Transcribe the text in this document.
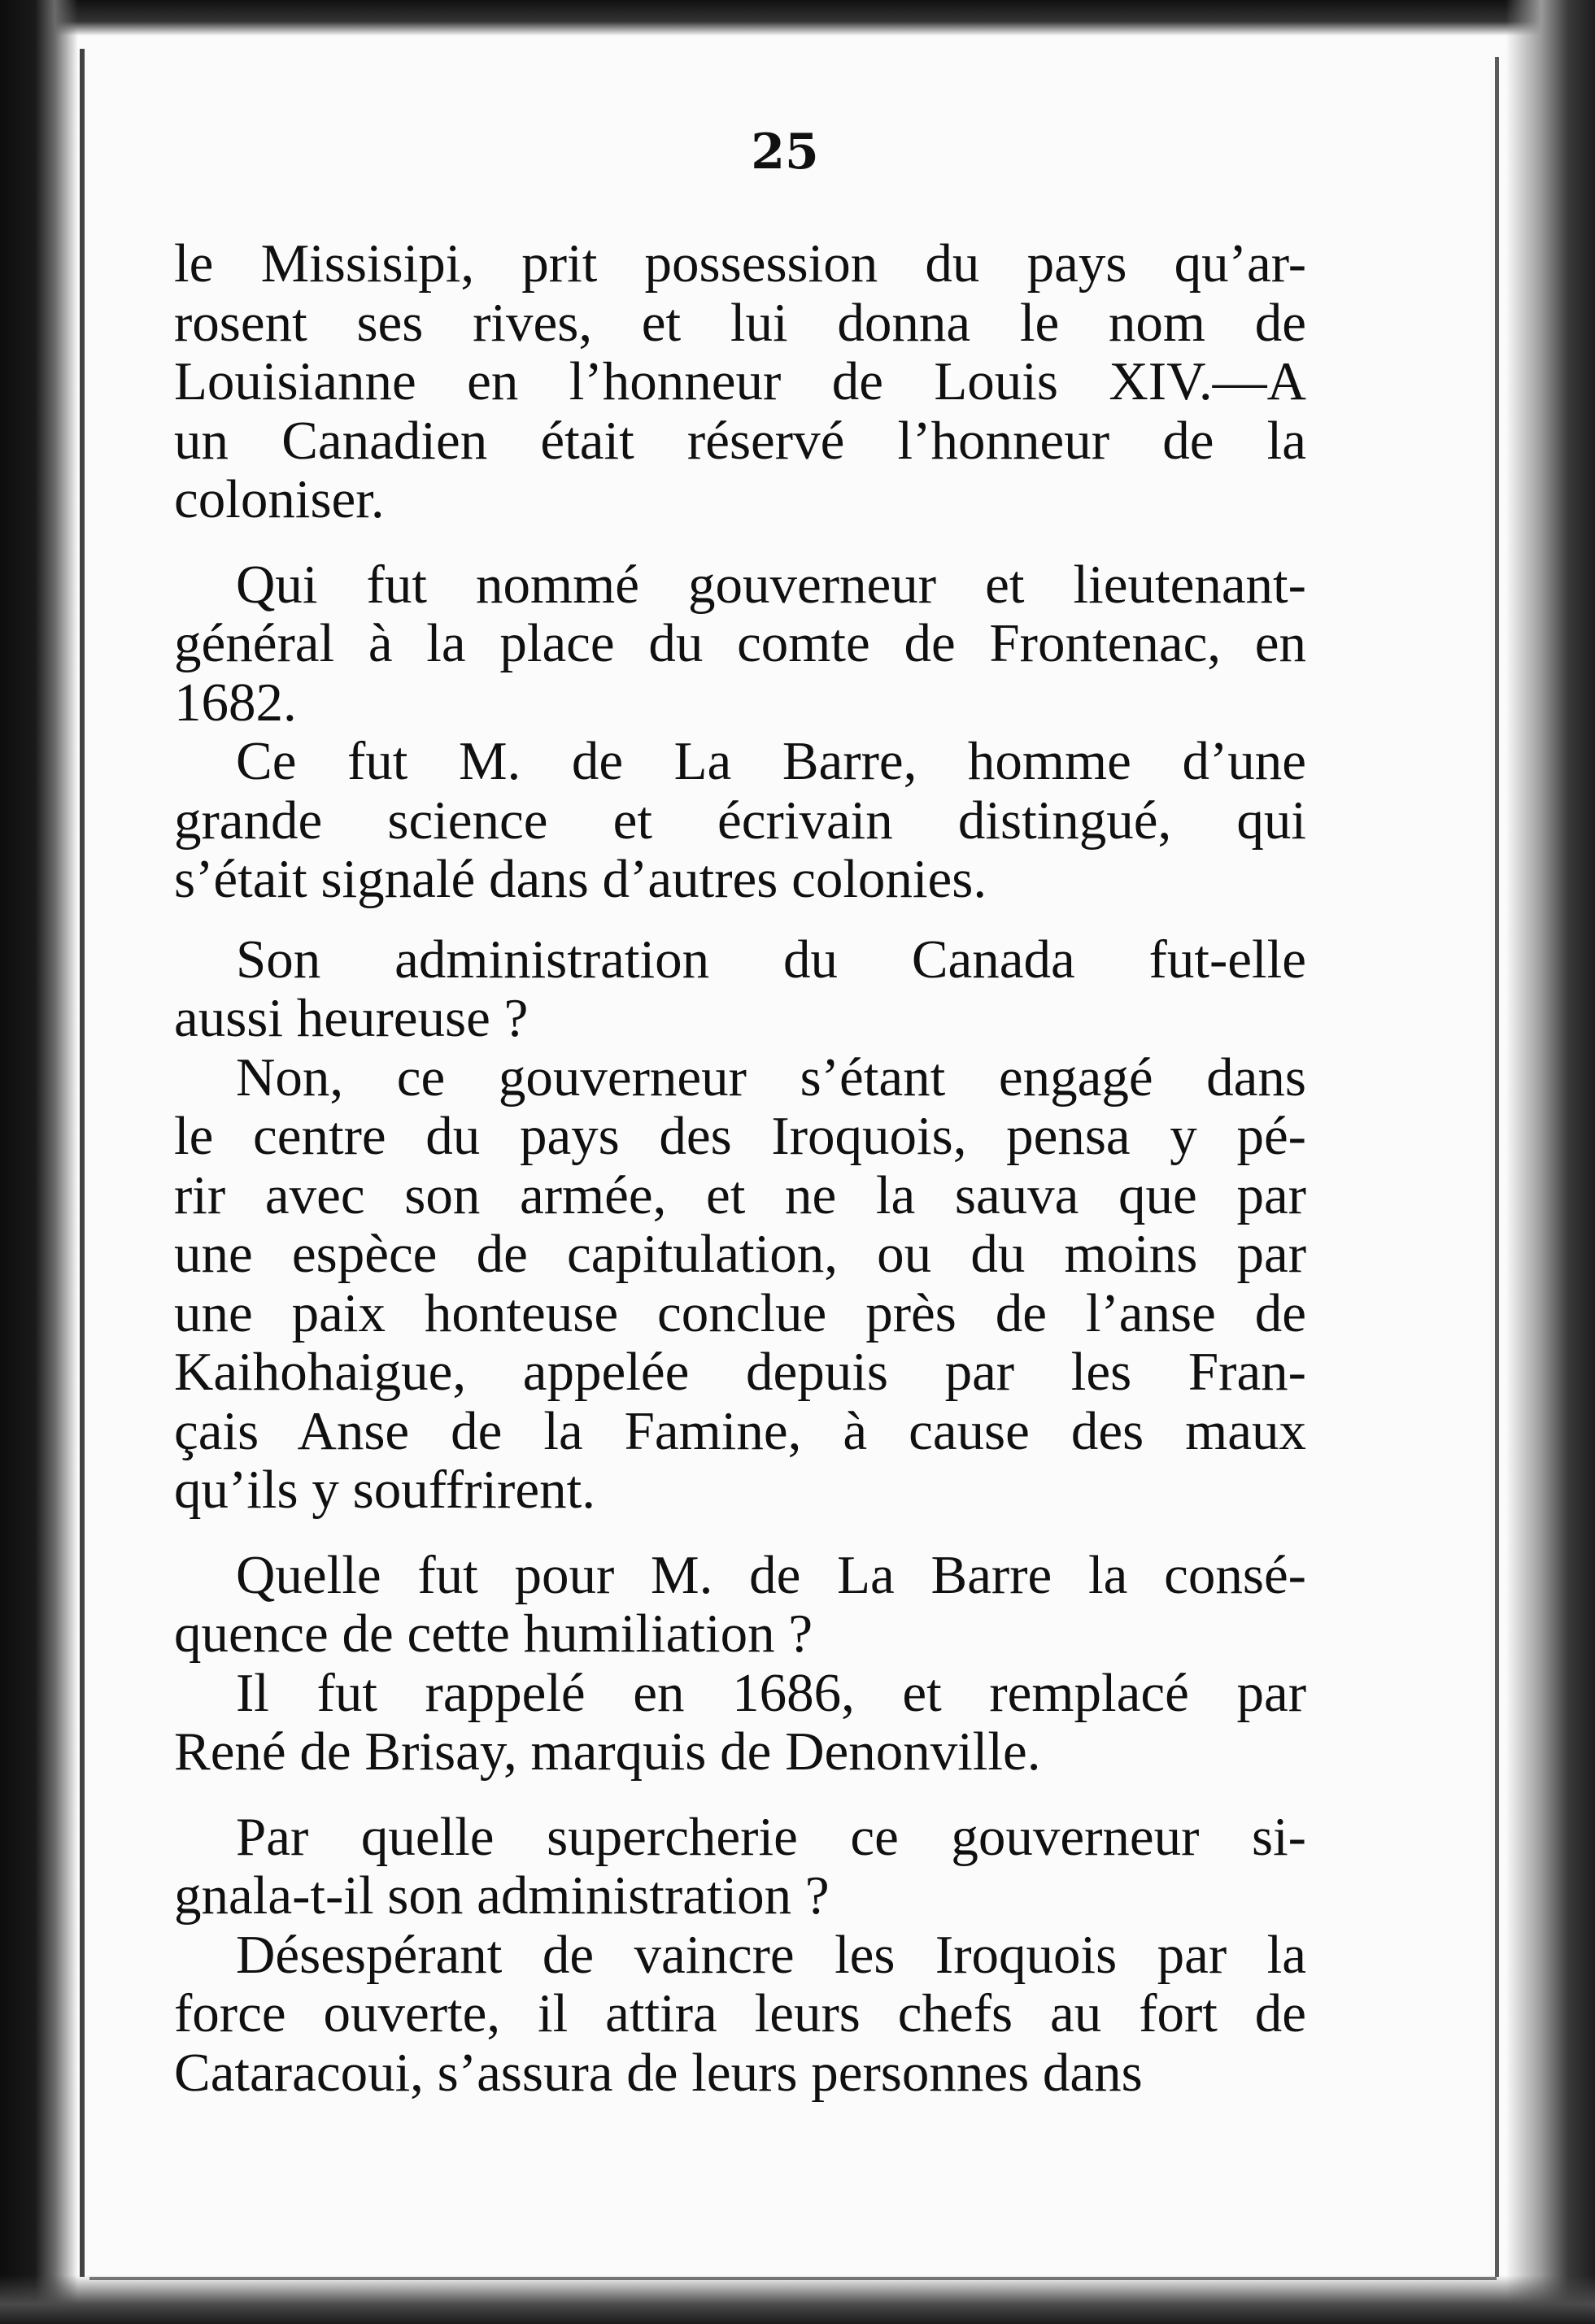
25

le Missisipi, prit possession du pays qu’ar-
rosent ses rives, et lui donna le nom de
Louisianne en l’honneur de Louis XIV.—A
un Canadien était réservé l’honneur de la
coloniser.

Qui fut nommé gouverneur et lieutenant-
général à la place du comte de Frontenac, en
1682.

Ce fut M. de La Barre, homme d’une
grande science et écrivain distingué, qui
s’était signalé dans d’autres colonies.

Son administration du Canada fut-elle
aussi heureuse ?

Non, ce gouverneur s’étant engagé dans
le centre du pays des Iroquois, pensa y pé-
rir avec son armée, et ne la sauva que par
une espèce de capitulation, ou du moins par
une paix honteuse conclue près de l’anse de
Kaihohaigue, appelée depuis par les Fran-
çais Anse de la Famine, à cause des maux
qu’ils y souffrirent.

Quelle fut pour M. de La Barre la consé-
quence de cette humiliation ?

Il fut rappelé en 1686, et remplacé par
René de Brisay, marquis de Denonville.

Par quelle supercherie ce gouverneur si-
gnala-t-il son administration ?

Désespérant de vaincre les Iroquois par la
force ouverte, il attira leurs chefs au fort de
Cataracoui, s’assura de leurs personnes dans
